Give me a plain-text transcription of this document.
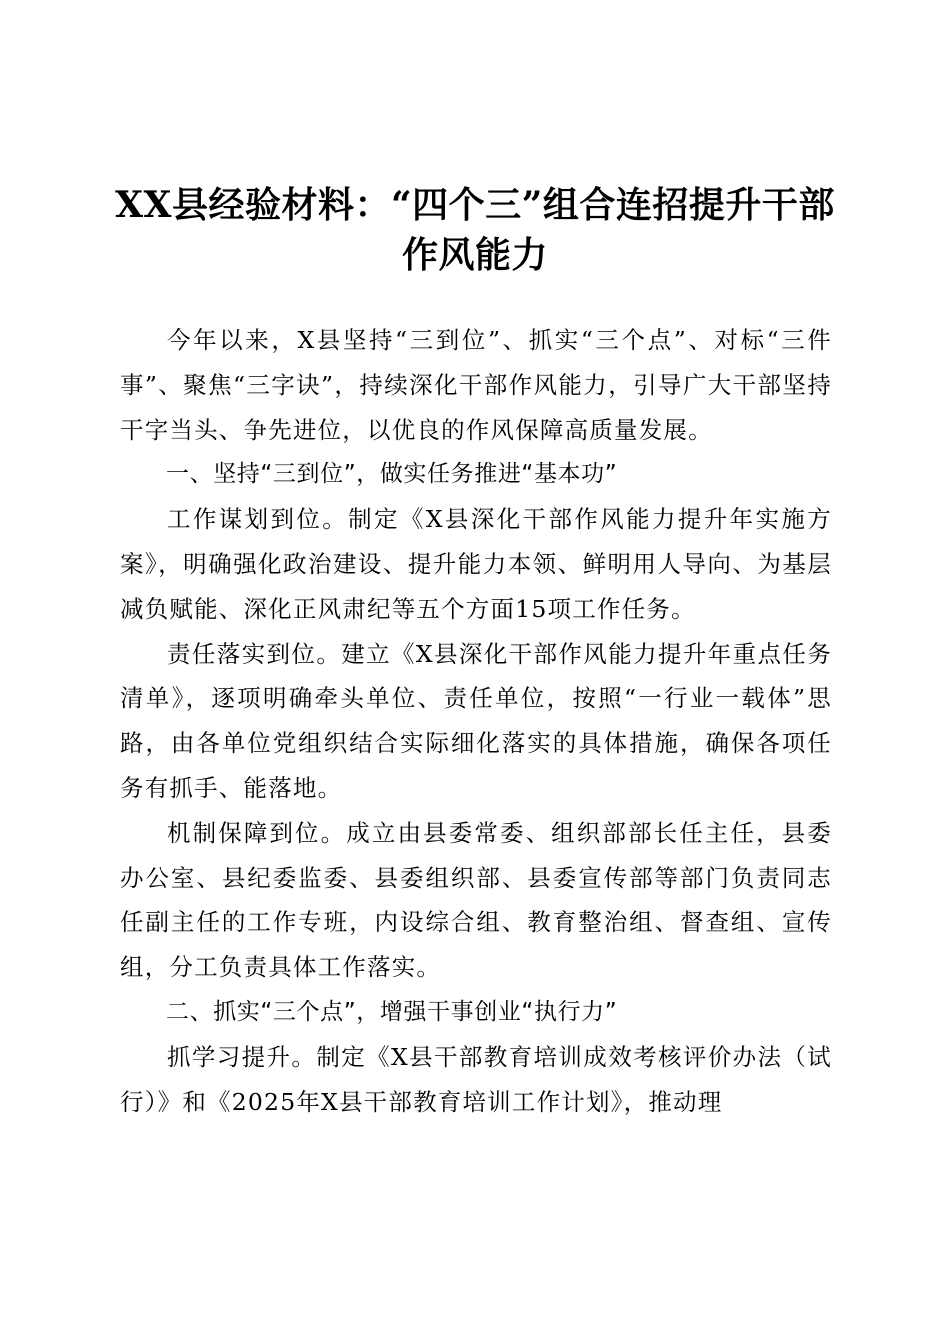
XX县经验材料：“四个三”组合连招提升干部作风能力

今年以来，X县坚持“三到位”、抓实“三个点”、对标“三件事”、聚焦“三字诀”，持续深化干部作风能力，引导广大干部坚持干字当头、争先进位，以优良的作风保障高质量发展。

一、坚持“三到位”，做实任务推进“基本功”

工作谋划到位。制定《X县深化干部作风能力提升年实施方案》，明确强化政治建设、提升能力本领、鲜明用人导向、为基层减负赋能、深化正风肃纪等五个方面15项工作任务。

责任落实到位。建立《X县深化干部作风能力提升年重点任务清单》，逐项明确牵头单位、责任单位，按照“一行业一载体”思路，由各单位党组织结合实际细化落实的具体措施，确保各项任务有抓手、能落地。

机制保障到位。成立由县委常委、组织部部长任主任，县委办公室、县纪委监委、县委组织部、县委宣传部等部门负责同志任副主任的工作专班，内设综合组、教育整治组、督查组、宣传组，分工负责具体工作落实。

二、抓实“三个点”，增强干事创业“执行力”

抓学习提升。制定《X县干部教育培训成效考核评价办法（试行）》和《2025年X县干部教育培训工作计划》，推动理
